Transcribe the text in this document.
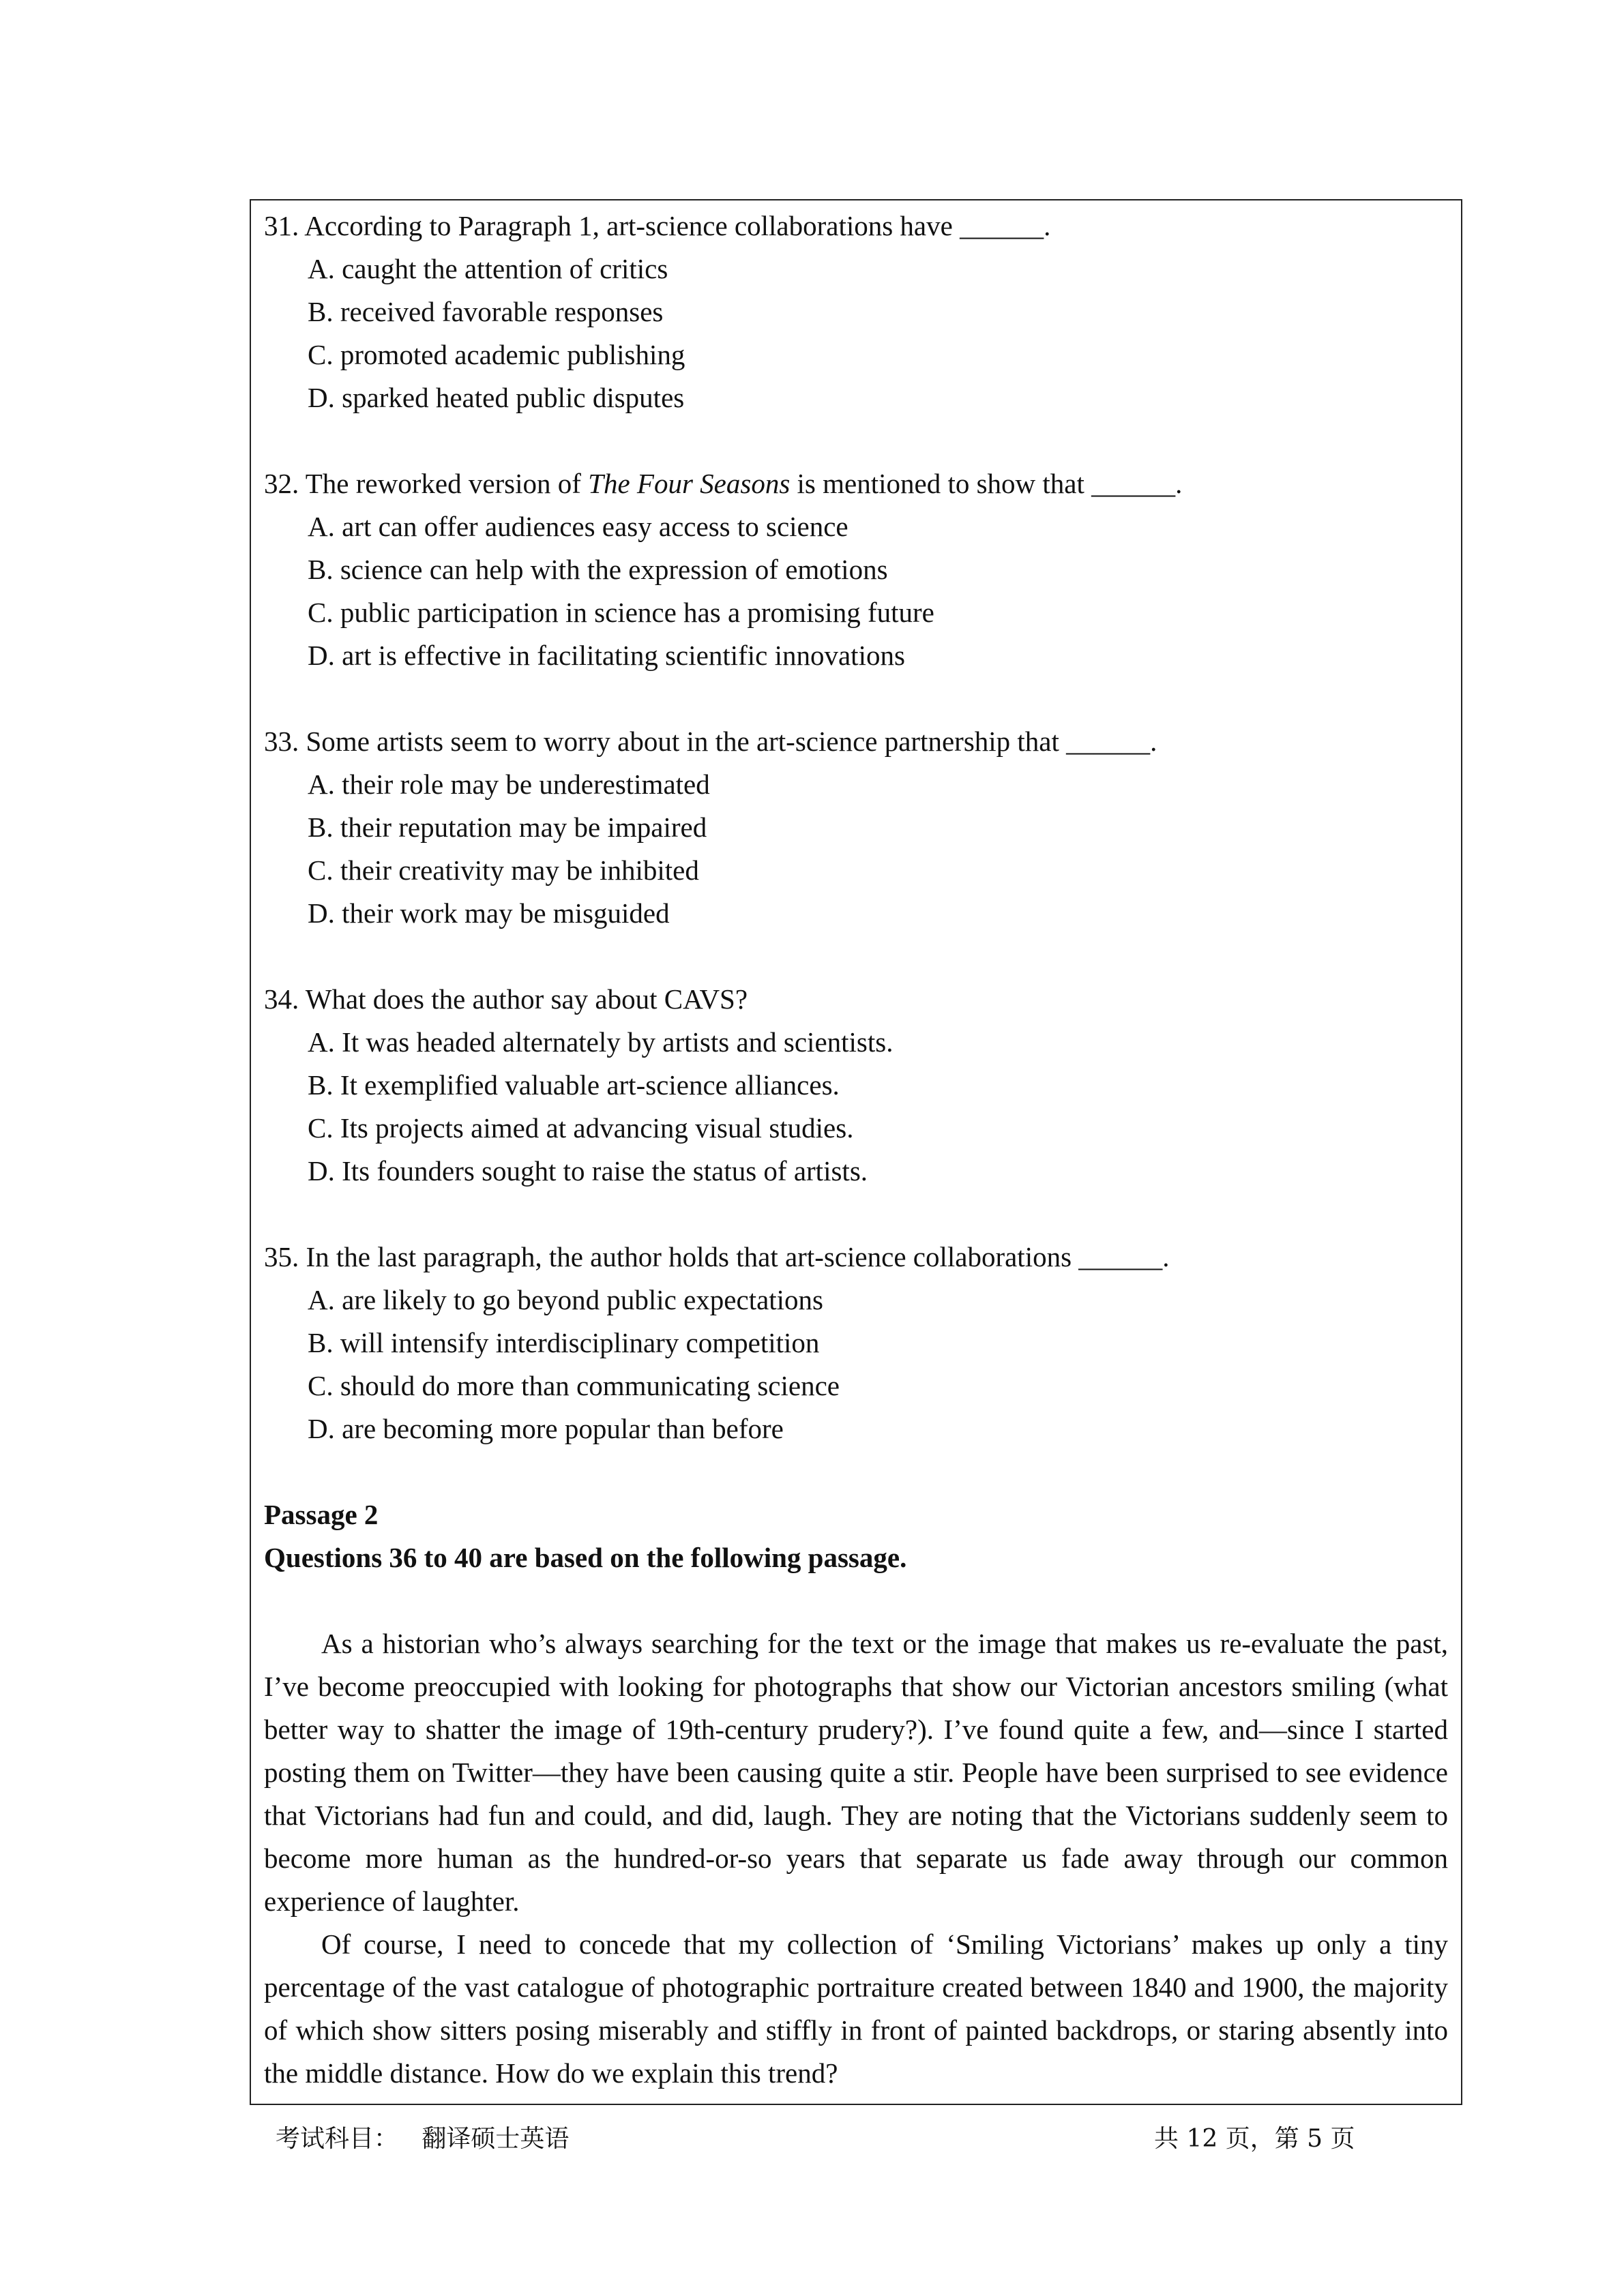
31. According to Paragraph 1, art-science collaborations have ______.
A. caught the attention of critics
B. received favorable responses
C. promoted academic publishing
D. sparked heated public disputes
32. The reworked version of The Four Seasons is mentioned to show that ______.
A. art can offer audiences easy access to science
B. science can help with the expression of emotions
C. public participation in science has a promising future
D. art is effective in facilitating scientific innovations
33. Some artists seem to worry about in the art-science partnership that ______.
A. their role may be underestimated
B. their reputation may be impaired
C. their creativity may be inhibited
D. their work may be misguided
34. What does the author say about CAVS?
A. It was headed alternately by artists and scientists.
B. It exemplified valuable art-science alliances.
C. Its projects aimed at advancing visual studies.
D. Its founders sought to raise the status of artists.
35. In the last paragraph, the author holds that art-science collaborations ______.
A. are likely to go beyond public expectations
B. will intensify interdisciplinary competition
C. should do more than communicating science
D. are becoming more popular than before
Passage 2
Questions 36 to 40 are based on the following passage.

As a historian who’s always searching for the text or the image that makes us re-evaluate the past, I’ve become preoccupied with looking for photographs that show our Victorian ancestors smiling (what better way to shatter the image of 19th-century prudery?). I’ve found quite a few, and—since I started posting them on Twitter—they have been causing quite a stir. People have been surprised to see evidence that Victorians had fun and could, and did, laugh. They are noting that the Victorians suddenly seem to become more human as the hundred-or-so years that separate us fade away through our common experience of laughter.

Of course, I need to concede that my collection of ‘Smiling Victorians’ makes up only a tiny percentage of the vast catalogue of photographic portraiture created between 1840 and 1900, the majority of which show sitters posing miserably and stiffly in front of painted backdrops, or staring absently into the middle distance. How do we explain this trend?

考试科目：   翻译硕士英语	共 12 页，第 5 页
